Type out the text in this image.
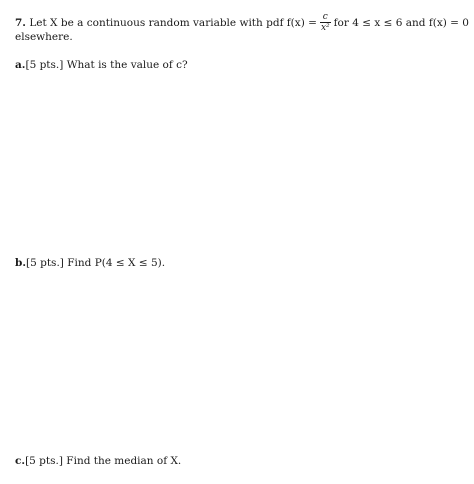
7. Let X be a continuous random variable with pdf $f(x) = \frac{c}{\text{x²}}$ for 4 ≤ x ≤ 6 and f(x) = 0
elsewhere.
a.[5 pts.] What is the value of c?
b.[5 pts.] Find P(4 ≤ X ≤ 5).
c.[5 pts.] Find the median of X.
